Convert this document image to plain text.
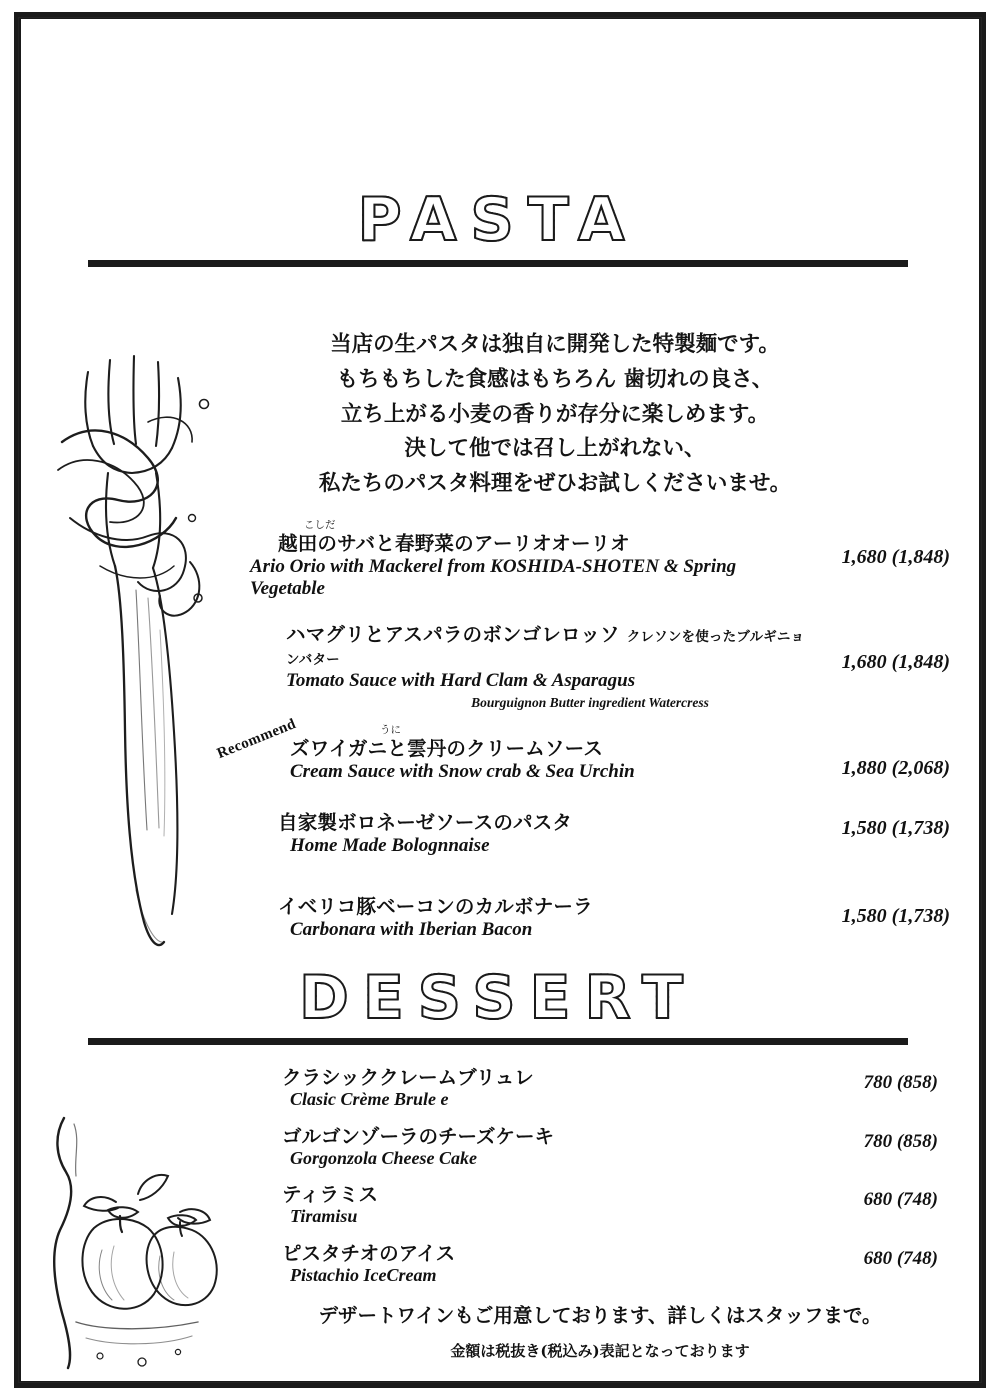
PASTA
当店の生パスタは独自に開発した特製麺です。
もちもちした食感はもちろん 歯切れの良さ、
立ち上がる小麦の香りが存分に楽しめます。
決して他では召し上がれない、
私たちのパスタ料理をぜひお試しくださいませ。
こしだ
越田のサバと春野菜のアーリオオーリオ
Ario Orio with Mackerel from KOSHIDA-SHOTEN & Spring Vegetable
1,680 (1,848)
ハマグリとアスパラのボンゴレロッソ クレソンを使ったブルギニョンバター
Tomato Sauce with Hard Clam & Asparagus
Bourguignon Butter ingredient Watercress
1,680 (1,848)
Recommend	うに
ズワイガニと雲丹のクリームソース
Cream Sauce with Snow crab & Sea Urchin	1,880 (2,068)
自家製ボロネーゼソースのパスタ
Home Made Bolognnaise
1,580 (1,738)
イベリコ豚ベーコンのカルボナーラ
Carbonara with Iberian Bacon
1,580 (1,738)
DESSERT
クラシッククレームブリュレ
Clasic Crème Brule e
780 (858)
ゴルゴンゾーラのチーズケーキ
Gorgonzola Cheese Cake
780 (858)
ティラミス
Tiramisu
680 (748)
ピスタチオのアイス
Pistachio IceCream
680 (748)
デザートワインもご用意しております、詳しくはスタッフまで。
金額は税抜き(税込み)表記となっております
